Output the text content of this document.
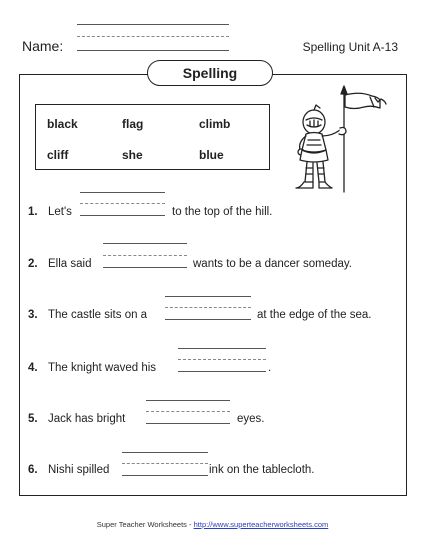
Name:	Spelling Unit A-13
Spelling
black	flag	climb
cliff	she	blue
1. Let's	to the top of the hill.
2. Ella said	wants to be a dancer someday.
3. The castle sits on a	at the edge of the sea.
4. The knight waved his	.
5. Jack has bright	eyes.
6. Nishi spilled	ink on the tablecloth.
Super Teacher Worksheets - http://www.superteacherworksheets.com
